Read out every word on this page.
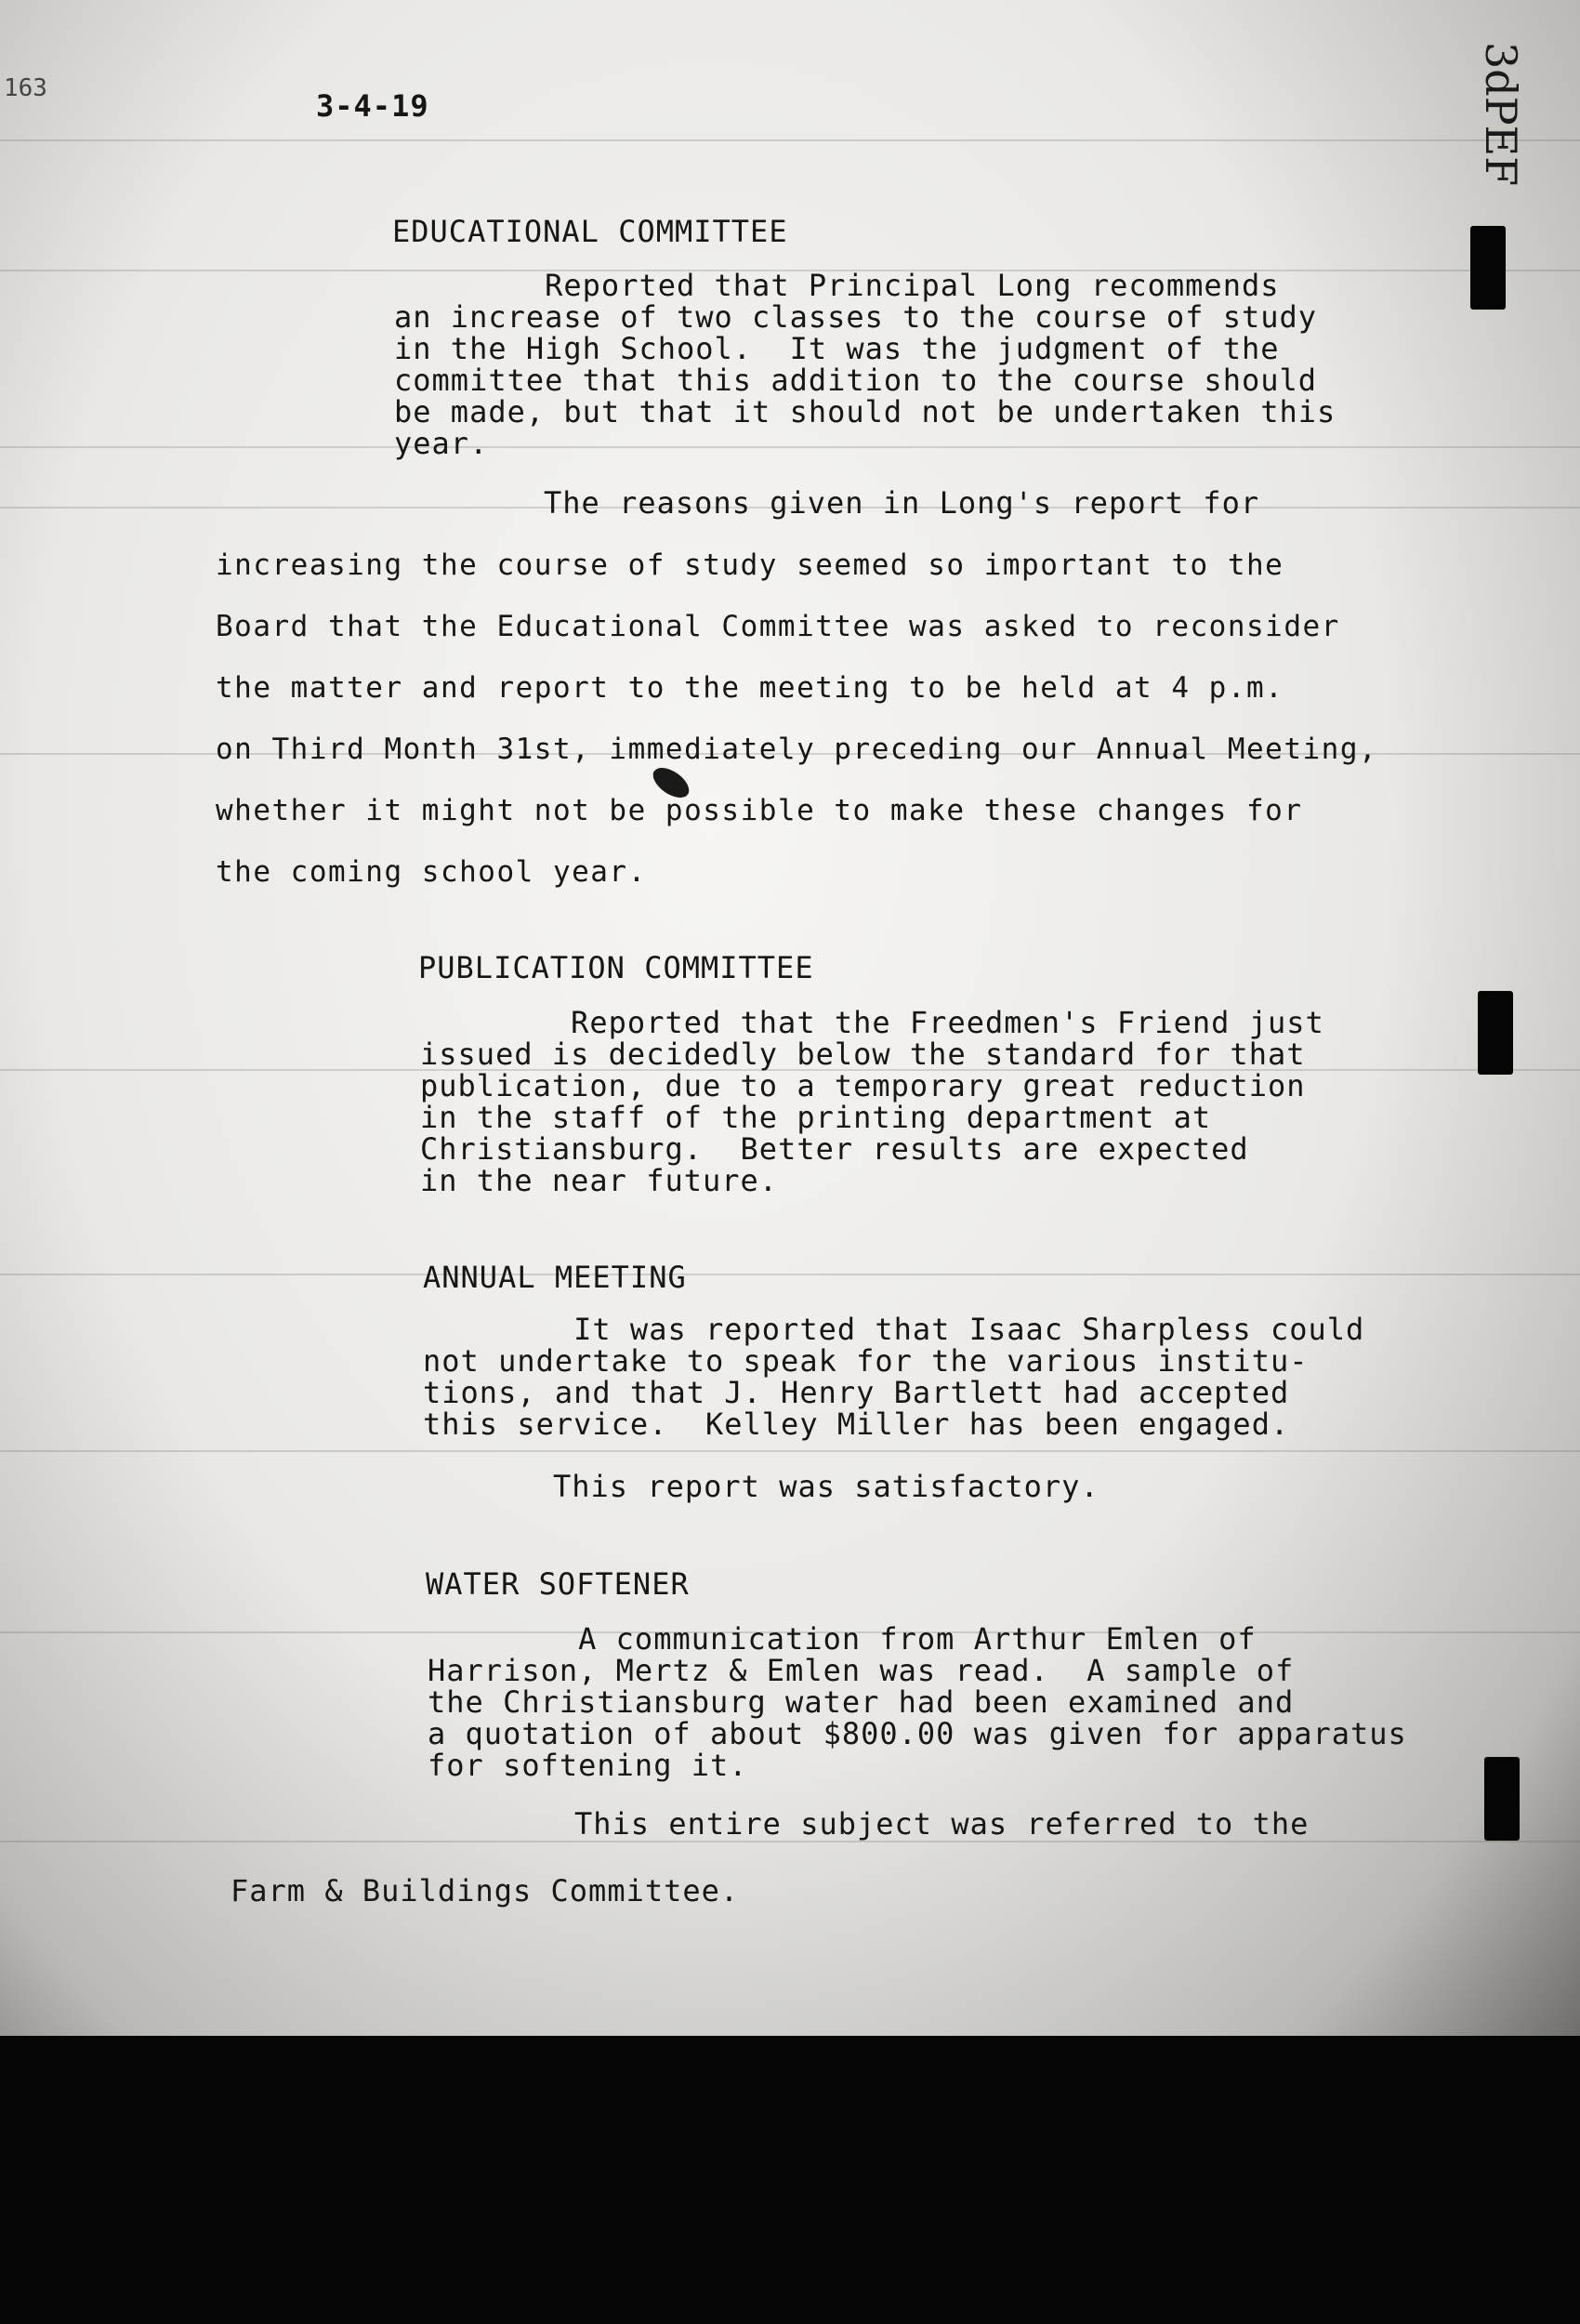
163	3-4-19	3dPEF
EDUCATIONAL COMMITTEE
Reported that Principal Long recommends
an increase of two classes to the course of study
in the High School.  It was the judgment of the
committee that this addition to the course should
be made, but that it should not be undertaken this
year.
The reasons given in Long's report for
increasing the course of study seemed so important to the
Board that the Educational Committee was asked to reconsider
the matter and report to the meeting to be held at 4 p.m.
on Third Month 31st, immediately preceding our Annual Meeting,
whether it might not be possible to make these changes for
the coming school year.
PUBLICATION COMMITTEE
Reported that the Freedmen's Friend just
issued is decidedly below the standard for that
publication, due to a temporary great reduction
in the staff of the printing department at
Christiansburg.  Better results are expected
in the near future.
ANNUAL MEETING
It was reported that Isaac Sharpless could
not undertake to speak for the various institu-
tions, and that J. Henry Bartlett had accepted
this service.  Kelley Miller has been engaged.
This report was satisfactory.
WATER SOFTENER
A communication from Arthur Emlen of
Harrison, Mertz & Emlen was read.  A sample of
the Christiansburg water had been examined and
a quotation of about $800.00 was given for apparatus
for softening it.
This entire subject was referred to the
Farm & Buildings Committee.
